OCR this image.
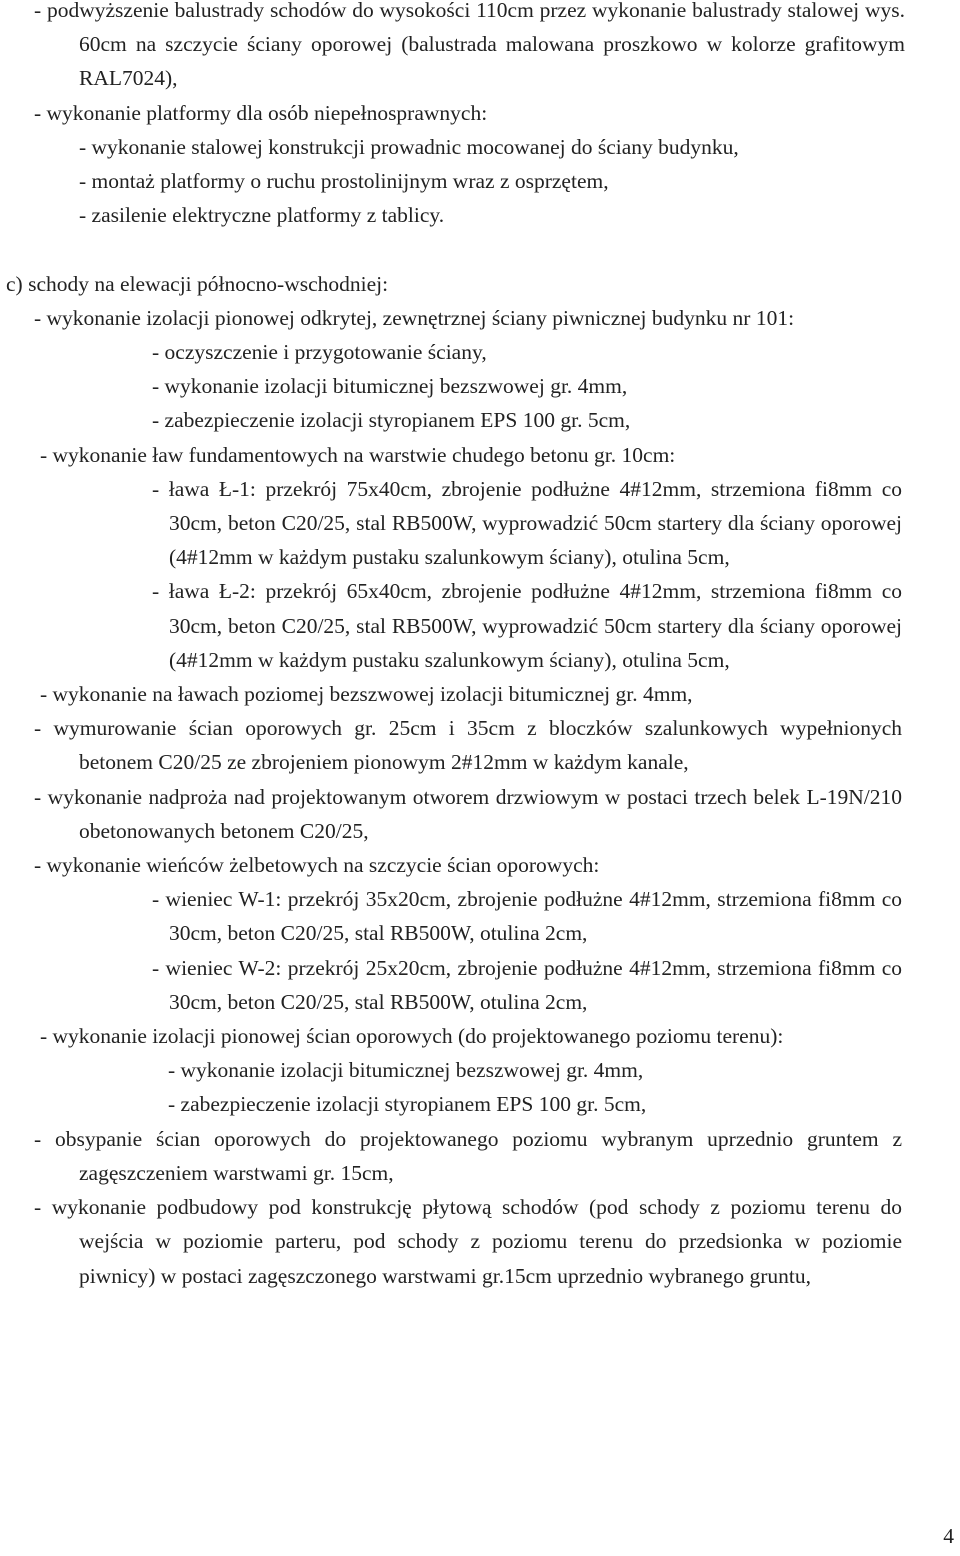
- podwyższenie balustrady schodów do wysokości 110cm przez wykonanie balustrady stalowej wys. 60cm na szczycie ściany oporowej (balustrada malowana proszkowo w kolorze grafitowym RAL7024),

- wykonanie platformy dla osób niepełnosprawnych:

- wykonanie stalowej konstrukcji prowadnic mocowanej do ściany budynku,

- montaż platformy o ruchu prostolinijnym wraz z osprzętem,

- zasilenie elektryczne platformy z tablicy.

c) schody na elewacji północno-wschodniej:

- wykonanie izolacji pionowej odkrytej, zewnętrznej ściany piwnicznej budynku nr 101:

- oczyszczenie i przygotowanie ściany,

- wykonanie izolacji bitumicznej bezszwowej gr. 4mm,

- zabezpieczenie izolacji styropianem EPS 100 gr. 5cm,

- wykonanie ław fundamentowych na warstwie chudego betonu gr. 10cm:

- ława Ł-1: przekrój 75x40cm, zbrojenie podłużne 4#12mm, strzemiona fi8mm co 30cm, beton C20/25, stal RB500W, wyprowadzić 50cm startery dla ściany oporowej (4#12mm w każdym pustaku szalunkowym ściany), otulina 5cm,

- ława Ł-2: przekrój 65x40cm, zbrojenie podłużne 4#12mm, strzemiona fi8mm co 30cm, beton C20/25, stal RB500W, wyprowadzić 50cm startery dla ściany oporowej (4#12mm w każdym pustaku szalunkowym ściany), otulina 5cm,

- wykonanie na ławach poziomej bezszwowej izolacji bitumicznej gr. 4mm,

- wymurowanie ścian oporowych gr. 25cm i 35cm z bloczków szalunkowych wypełnionych betonem C20/25 ze zbrojeniem pionowym 2#12mm w każdym kanale,

- wykonanie nadproża nad projektowanym otworem drzwiowym w postaci trzech belek L-19N/210 obetonowanych betonem C20/25,

- wykonanie wieńców żelbetowych na szczycie ścian oporowych:

- wieniec W-1: przekrój 35x20cm, zbrojenie podłużne 4#12mm, strzemiona fi8mm co 30cm, beton C20/25, stal RB500W, otulina 2cm,

- wieniec W-2: przekrój 25x20cm, zbrojenie podłużne 4#12mm, strzemiona fi8mm co 30cm, beton C20/25, stal RB500W, otulina 2cm,

- wykonanie izolacji pionowej ścian oporowych (do projektowanego poziomu terenu):

- wykonanie izolacji bitumicznej bezszwowej gr. 4mm,

- zabezpieczenie izolacji styropianem EPS 100 gr. 5cm,

- obsypanie ścian oporowych do projektowanego poziomu wybranym uprzednio gruntem z zagęszczeniem warstwami gr. 15cm,

- wykonanie podbudowy pod konstrukcję płytową schodów (pod schody z poziomu terenu do wejścia w poziomie parteru, pod schody z poziomu terenu do przedsionka w poziomie piwnicy) w postaci zagęszczonego warstwami gr.15cm uprzednio wybranego gruntu,

4
